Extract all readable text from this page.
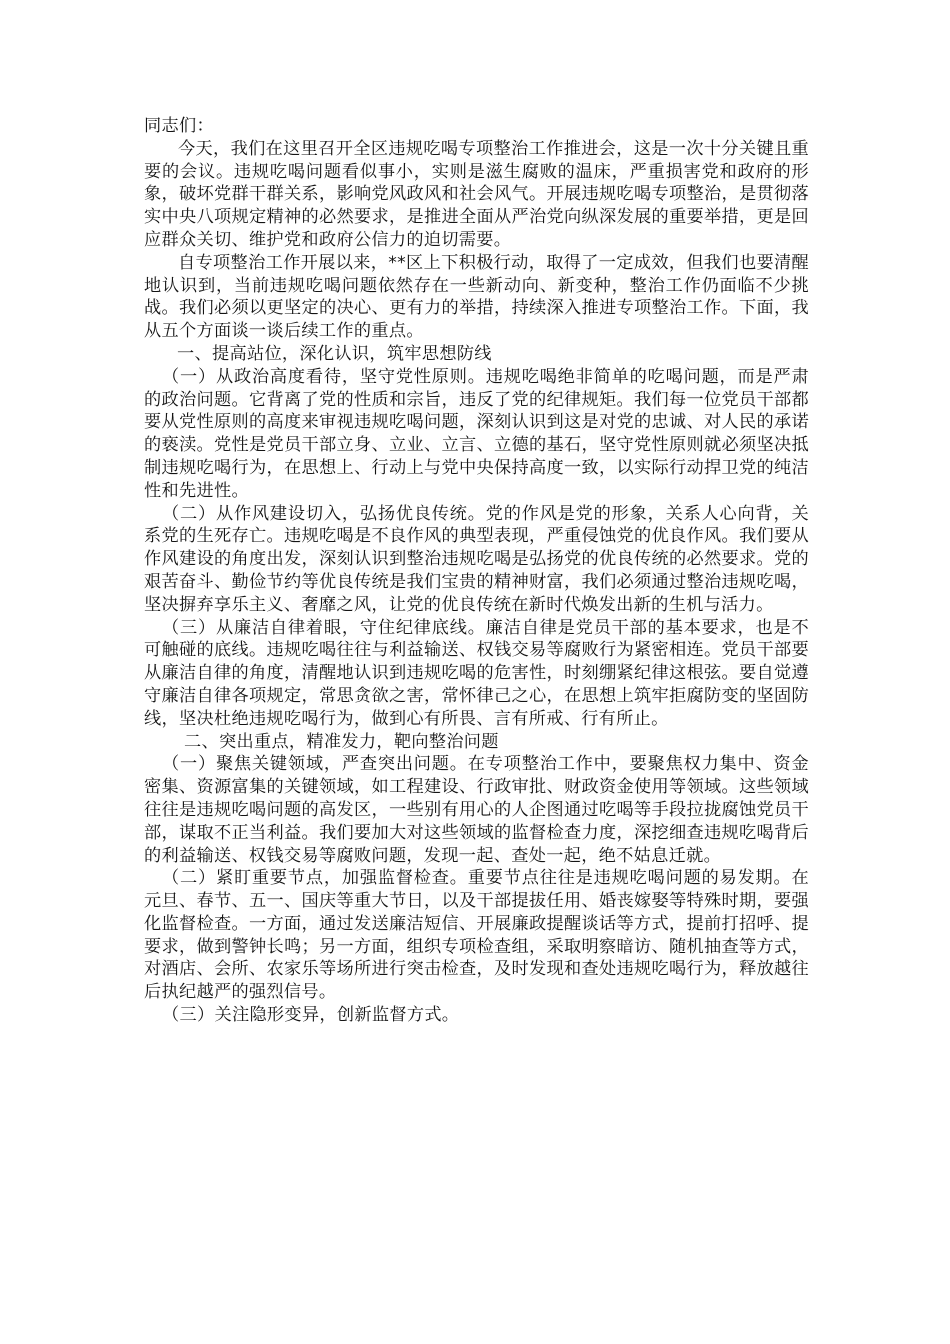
同志们：

今天，我们在这里召开全区违规吃喝专项整治工作推进会，这是一次十分关键且重要的会议。违规吃喝问题看似事小，实则是滋生腐败的温床，严重损害党和政府的形象，破坏党群干群关系，影响党风政风和社会风气。开展违规吃喝专项整治，是贯彻落实中央八项规定精神的必然要求，是推进全面从严治党向纵深发展的重要举措，更是回应群众关切、维护党和政府公信力的迫切需要。

自专项整治工作开展以来，**区上下积极行动，取得了一定成效，但我们也要清醒地认识到，当前违规吃喝问题依然存在一些新动向、新变种，整治工作仍面临不少挑战。我们必须以更坚定的决心、更有力的举措，持续深入推进专项整治工作。下面，我从五个方面谈一谈后续工作的重点。

一、提高站位，深化认识，筑牢思想防线

（一）从政治高度看待，坚守党性原则。违规吃喝绝非简单的吃喝问题，而是严肃的政治问题。它背离了党的性质和宗旨，违反了党的纪律规矩。我们每一位党员干部都要从党性原则的高度来审视违规吃喝问题，深刻认识到这是对党的忠诚、对人民的承诺的亵渎。党性是党员干部立身、立业、立言、立德的基石，坚守党性原则就必须坚决抵制违规吃喝行为，在思想上、行动上与党中央保持高度一致，以实际行动捍卫党的纯洁性和先进性。

（二）从作风建设切入，弘扬优良传统。党的作风是党的形象，关系人心向背，关系党的生死存亡。违规吃喝是不良作风的典型表现，严重侵蚀党的优良作风。我们要从作风建设的角度出发，深刻认识到整治违规吃喝是弘扬党的优良传统的必然要求。党的艰苦奋斗、勤俭节约等优良传统是我们宝贵的精神财富，我们必须通过整治违规吃喝，坚决摒弃享乐主义、奢靡之风，让党的优良传统在新时代焕发出新的生机与活力。

（三）从廉洁自律着眼，守住纪律底线。廉洁自律是党员干部的基本要求，也是不可触碰的底线。违规吃喝往往与利益输送、权钱交易等腐败行为紧密相连。党员干部要从廉洁自律的角度，清醒地认识到违规吃喝的危害性，时刻绷紧纪律这根弦。要自觉遵守廉洁自律各项规定，常思贪欲之害，常怀律己之心，在思想上筑牢拒腐防变的坚固防线，坚决杜绝违规吃喝行为，做到心有所畏、言有所戒、行有所止。

二、突出重点，精准发力，靶向整治问题

（一）聚焦关键领域，严查突出问题。在专项整治工作中，要聚焦权力集中、资金密集、资源富集的关键领域，如工程建设、行政审批、财政资金使用等领域。这些领域往往是违规吃喝问题的高发区，一些别有用心的人企图通过吃喝等手段拉拢腐蚀党员干部，谋取不正当利益。我们要加大对这些领域的监督检查力度，深挖细查违规吃喝背后的利益输送、权钱交易等腐败问题，发现一起、查处一起，绝不姑息迁就。

（二）紧盯重要节点，加强监督检查。重要节点往往是违规吃喝问题的易发期。在元旦、春节、五一、国庆等重大节日，以及干部提拔任用、婚丧嫁娶等特殊时期，要强化监督检查。一方面，通过发送廉洁短信、开展廉政提醒谈话等方式，提前打招呼、提要求，做到警钟长鸣；另一方面，组织专项检查组，采取明察暗访、随机抽查等方式，对酒店、会所、农家乐等场所进行突击检查，及时发现和查处违规吃喝行为，释放越往后执纪越严的强烈信号。

（三）关注隐形变异，创新监督方式。
